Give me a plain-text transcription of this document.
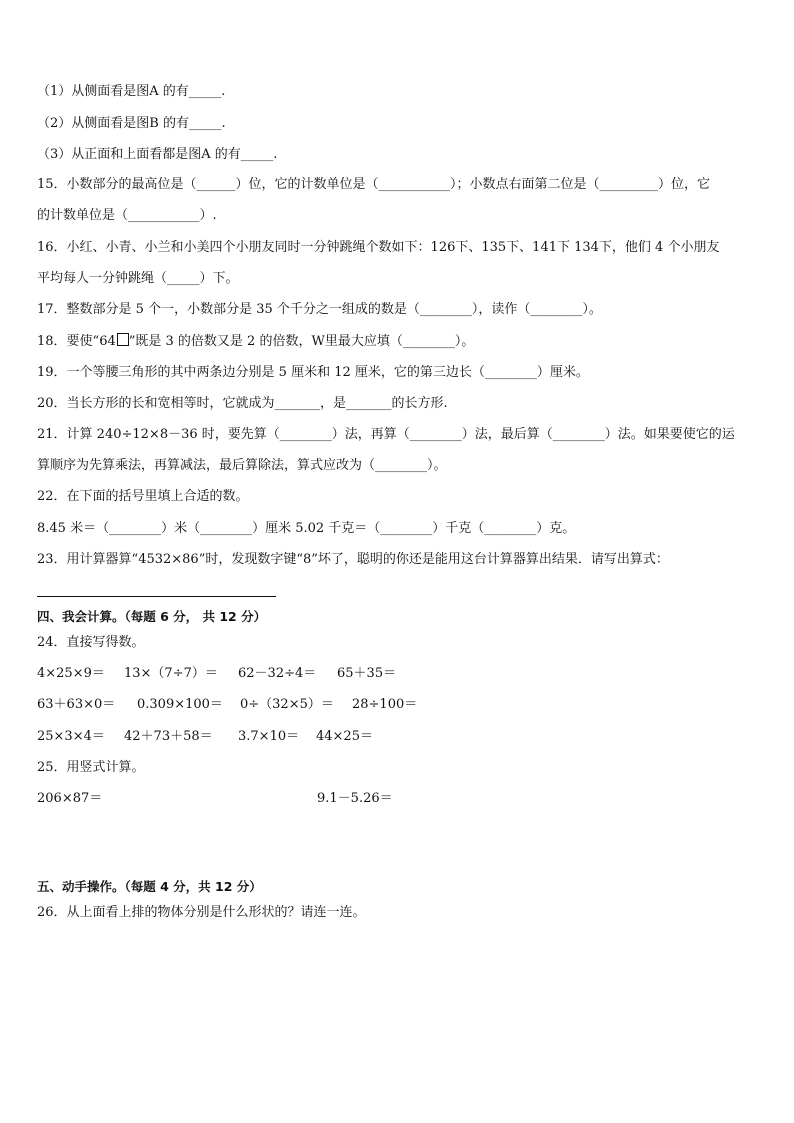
（1）从侧面看是图A 的有_____.
（2）从侧面看是图B 的有_____.
（3）从正面和上面看都是图A 的有_____.
15．小数部分的最高位是（______）位，它的计数单位是（___________）；小数点右面第二位是（_________）位，它
的计数单位是（___________）.
16．小红、小青、小兰和小美四个小朋友同时一分钟跳绳个数如下：126下、135下、141下 134下，他们 4 个小朋友
平均每人一分钟跳绳（_____）下。
17．整数部分是 5 个一，小数部分是 35 个千分之一组成的数是（________），读作（________）。
18．要使“64 ”既是 3 的倍数又是 2 的倍数，W里最大应填（________）。
19．一个等腰三角形的其中两条边分别是 5 厘米和 12 厘米，它的第三边长（________）厘米。
20．当长方形的长和宽相等时，它就成为_______，是_______的长方形.
21．计算 240÷12×8－36 时，要先算（________）法，再算（________）法，最后算（________）法。如果要使它的运
算顺序为先算乘法，再算减法，最后算除法，算式应改为（________）。
22．在下面的括号里填上合适的数。
8.45 米＝（________）米（________）厘米 5.02 千克＝（________）千克（________）克。
23．用计算器算“4532×86”时，发现数字键“8”坏了，聪明的你还是能用这台计算器算出结果．请写出算式：
四、我会计算。（每题 6 分， 共 12 分）
24．直接写得数。
4×25×9＝ 13×（7÷7）＝ 62－32÷4＝ 65＋35＝
63＋63×0＝ 0.309×100＝ 0÷（32×5）＝ 28÷100＝
25×3×4＝ 42＋73＋58＝ 3.7×10＝ 44×25＝
25．用竖式计算。
206×87＝	9.1－5.26＝
五、动手操作。（每题 4 分，共 12 分）
26．从上面看上排的物体分别是什么形状的？请连一连。
